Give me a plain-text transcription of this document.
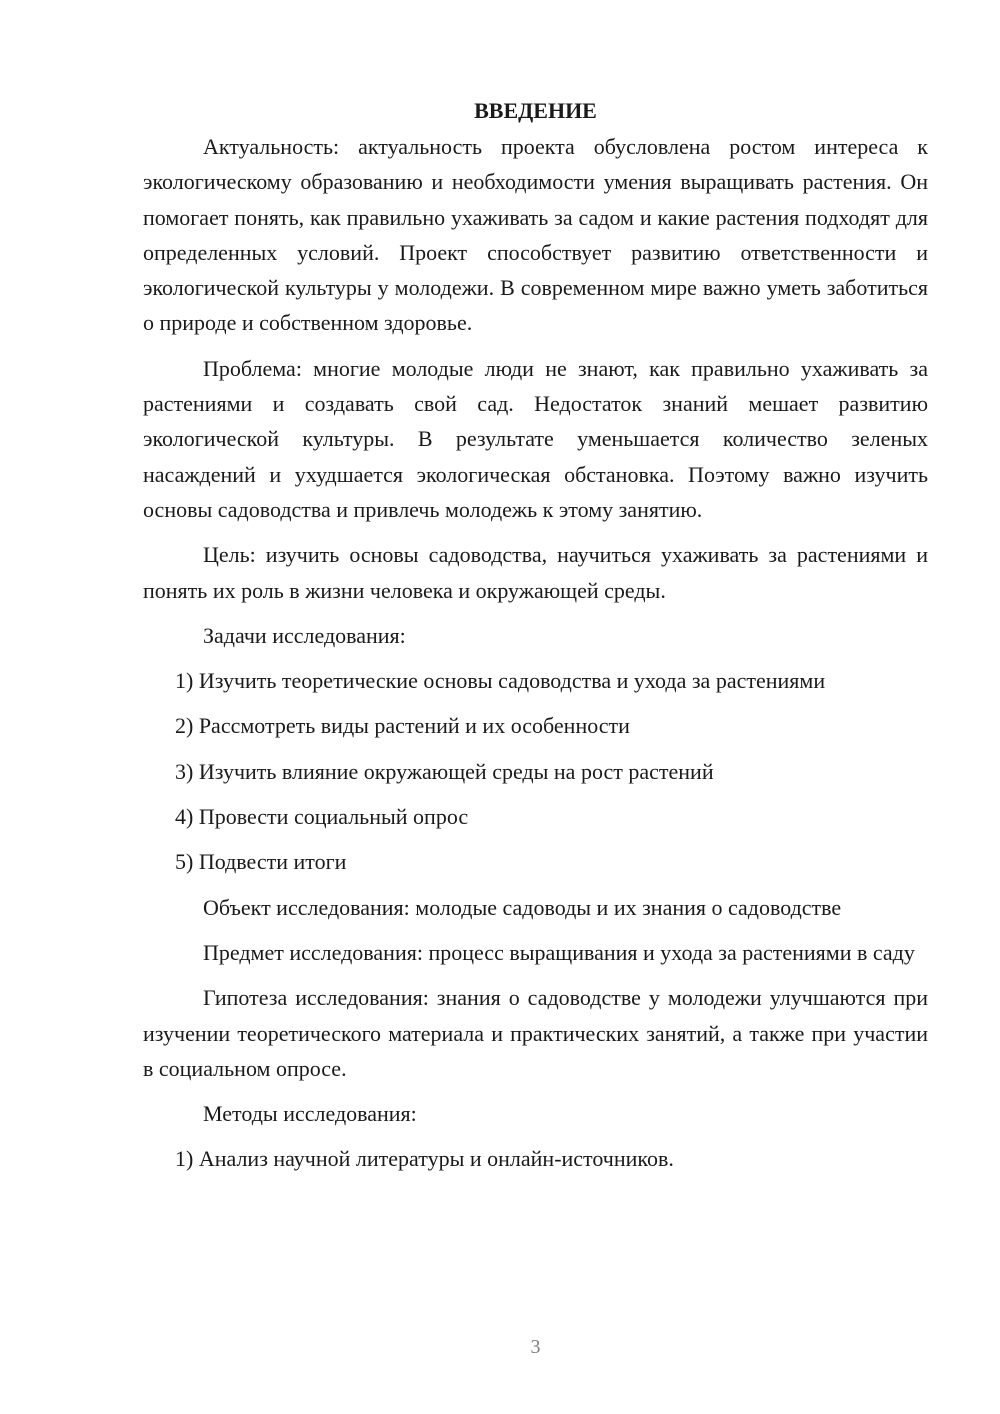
ВВЕДЕНИЕ

Актуальность: актуальность проекта обусловлена ростом интереса к экологическому образованию и необходимости умения выращивать растения. Он помогает понять, как правильно ухаживать за садом и какие растения подходят для определенных условий. Проект способствует развитию ответственности и экологической культуры у молодежи. В современном мире важно уметь заботиться о природе и собственном здоровье.

Проблема: многие молодые люди не знают, как правильно ухаживать за растениями и создавать свой сад. Недостаток знаний мешает развитию экологической культуры. В результате уменьшается количество зеленых насаждений и ухудшается экологическая обстановка. Поэтому важно изучить основы садоводства и привлечь молодежь к этому занятию.

Цель: изучить основы садоводства, научиться ухаживать за растениями и понять их роль в жизни человека и окружающей среды.

Задачи исследования:
1) Изучить теоретические основы садоводства и ухода за растениями
2) Рассмотреть виды растений и их особенности
3) Изучить влияние окружающей среды на рост растений
4) Провести социальный опрос
5) Подвести итоги

Объект исследования: молодые садоводы и их знания о садоводстве

Предмет исследования: процесс выращивания и ухода за растениями в саду

Гипотеза исследования: знания о садоводстве у молодежи улучшаются при изучении теоретического материала и практических занятий, а также при участии в социальном опросе.

Методы исследования:
1) Анализ научной литературы и онлайн-источников.
3
